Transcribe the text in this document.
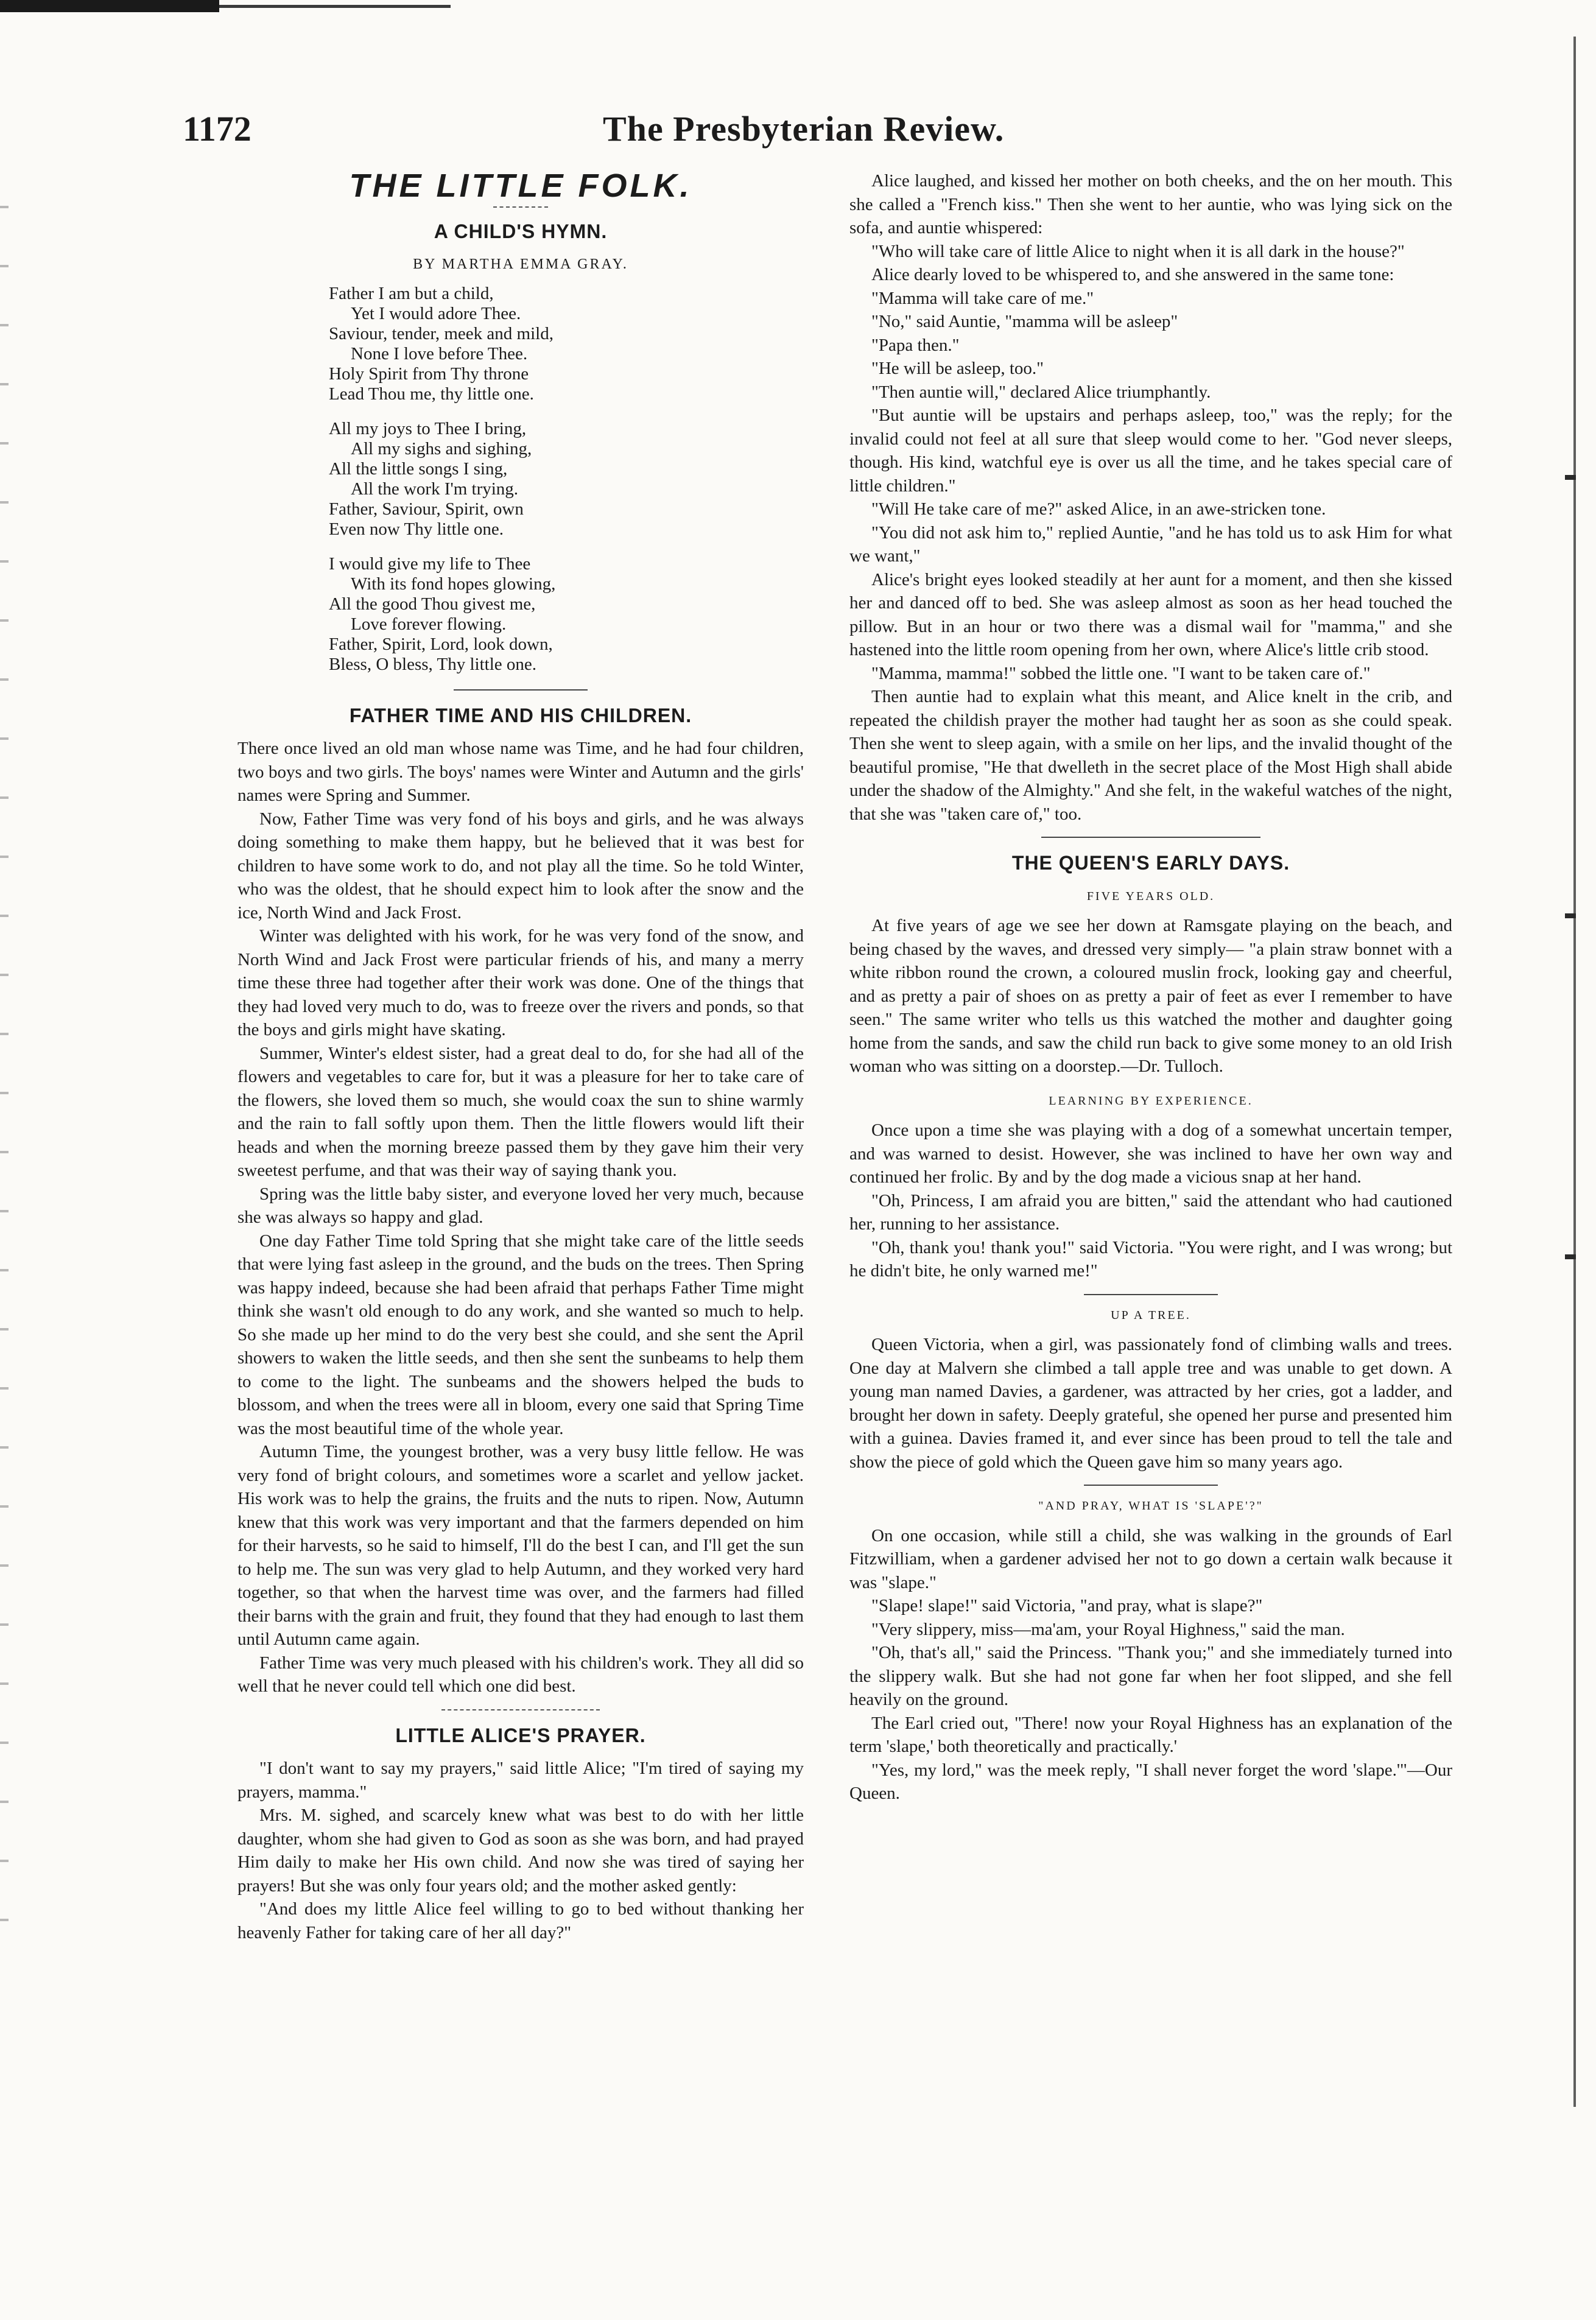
1172	The Presbyterian Review.
THE LITTLE FOLK.
A CHILD'S HYMN.
BY MARTHA EMMA GRAY.
Father I am but a child,
Yet I would adore Thee.
Saviour, tender, meek and mild,
None I love before Thee.
Holy Spirit from Thy throne
Lead Thou me, thy little one.
All my joys to Thee I bring,
All my sighs and sighing,
All the little songs I sing,
All the work I'm trying.
Father, Saviour, Spirit, own
Even now Thy little one.
I would give my life to Thee
With its fond hopes glowing,
All the good Thou givest me,
Love forever flowing.
Father, Spirit, Lord, look down,
Bless, O bless, Thy little one.
FATHER TIME AND HIS CHILDREN.

There once lived an old man whose name was Time, and he had four children, two boys and two girls. The boys' names were Winter and Autumn and the girls' names were Spring and Summer.

Now, Father Time was very fond of his boys and girls, and he was always doing something to make them happy, but he believed that it was best for children to have some work to do, and not play all the time. So he told Winter, who was the oldest, that he should expect him to look after the snow and the ice, North Wind and Jack Frost.

Winter was delighted with his work, for he was very fond of the snow, and North Wind and Jack Frost were particular friends of his, and many a merry time these three had together after their work was done. One of the things that they had loved very much to do, was to freeze over the rivers and ponds, so that the boys and girls might have skating.

Summer, Winter's eldest sister, had a great deal to do, for she had all of the flowers and vegetables to care for, but it was a pleasure for her to take care of the flowers, she loved them so much, she would coax the sun to shine warmly and the rain to fall softly upon them. Then the little flowers would lift their heads and when the morning breeze passed them by they gave him their very sweetest perfume, and that was their way of saying thank you.

Spring was the little baby sister, and everyone loved her very much, because she was always so happy and glad.

One day Father Time told Spring that she might take care of the little seeds that were lying fast asleep in the ground, and the buds on the trees. Then Spring was happy indeed, because she had been afraid that perhaps Father Time might think she wasn't old enough to do any work, and she wanted so much to help. So she made up her mind to do the very best she could, and she sent the April showers to waken the little seeds, and then she sent the sunbeams to help them to come to the light. The sunbeams and the showers helped the buds to blossom, and when the trees were all in bloom, every one said that Spring Time was the most beautiful time of the whole year.

Autumn Time, the youngest brother, was a very busy little fellow. He was very fond of bright colours, and sometimes wore a scarlet and yellow jacket. His work was to help the grains, the fruits and the nuts to ripen. Now, Autumn knew that this work was very important and that the farmers depended on him for their harvests, so he said to himself, I'll do the best I can, and I'll get the sun to help me. The sun was very glad to help Autumn, and they worked very hard together, so that when the harvest time was over, and the farmers had filled their barns with the grain and fruit, they found that they had enough to last them until Autumn came again.

Father Time was very much pleased with his children's work. They all did so well that he never could tell which one did best.

LITTLE ALICE'S PRAYER.

"I don't want to say my prayers," said little Alice; "I'm tired of saying my prayers, mamma."

Mrs. M. sighed, and scarcely knew what was best to do with her little daughter, whom she had given to God as soon as she was born, and had prayed Him daily to make her His own child. And now she was tired of saying her prayers! But she was only four years old; and the mother asked gently:

"And does my little Alice feel willing to go to bed without thanking her heavenly Father for taking care of her all day?"

Alice laughed, and kissed her mother on both cheeks, and the on her mouth. This she called a "French kiss." Then she went to her auntie, who was lying sick on the sofa, and auntie whispered:

"Who will take care of little Alice to night when it is all dark in the house?"

Alice dearly loved to be whispered to, and she answered in the same tone:

"Mamma will take care of me."

"No," said Auntie, "mamma will be asleep"

"Papa then."

"He will be asleep, too."

"Then auntie will," declared Alice triumphantly.

"But auntie will be upstairs and perhaps asleep, too," was the reply; for the invalid could not feel at all sure that sleep would come to her. "God never sleeps, though. His kind, watchful eye is over us all the time, and he takes special care of little children."

"Will He take care of me?" asked Alice, in an awe-stricken tone.

"You did not ask him to," replied Auntie, "and he has told us to ask Him for what we want,"

Alice's bright eyes looked steadily at her aunt for a moment, and then she kissed her and danced off to bed. She was asleep almost as soon as her head touched the pillow. But in an hour or two there was a dismal wail for "mamma," and she hastened into the little room opening from her own, where Alice's little crib stood.

"Mamma, mamma!" sobbed the little one. "I want to be taken care of."

Then auntie had to explain what this meant, and Alice knelt in the crib, and repeated the childish prayer the mother had taught her as soon as she could speak. Then she went to sleep again, with a smile on her lips, and the invalid thought of the beautiful promise, "He that dwelleth in the secret place of the Most High shall abide under the shadow of the Almighty." And she felt, in the wakeful watches of the night, that she was "taken care of," too.

THE QUEEN'S EARLY DAYS.
FIVE YEARS OLD.

At five years of age we see her down at Ramsgate playing on the beach, and being chased by the waves, and dressed very simply— "a plain straw bonnet with a white ribbon round the crown, a coloured muslin frock, looking gay and cheerful, and as pretty a pair of shoes on as pretty a pair of feet as ever I remember to have seen." The same writer who tells us this watched the mother and daughter going home from the sands, and saw the child run back to give some money to an old Irish woman who was sitting on a doorstep.—Dr. Tulloch.

LEARNING BY EXPERIENCE.

Once upon a time she was playing with a dog of a somewhat uncertain temper, and was warned to desist. However, she was inclined to have her own way and continued her frolic. By and by the dog made a vicious snap at her hand.

"Oh, Princess, I am afraid you are bitten," said the attendant who had cautioned her, running to her assistance.

"Oh, thank you! thank you!" said Victoria. "You were right, and I was wrong; but he didn't bite, he only warned me!"

UP A TREE.

Queen Victoria, when a girl, was passionately fond of climbing walls and trees. One day at Malvern she climbed a tall apple tree and was unable to get down. A young man named Davies, a gardener, was attracted by her cries, got a ladder, and brought her down in safety. Deeply grateful, she opened her purse and presented him with a guinea. Davies framed it, and ever since has been proud to tell the tale and show the piece of gold which the Queen gave him so many years ago.

"AND PRAY, WHAT IS 'SLAPE'?"

On one occasion, while still a child, she was walking in the grounds of Earl Fitzwilliam, when a gardener advised her not to go down a certain walk because it was "slape."

"Slape! slape!" said Victoria, "and pray, what is slape?"

"Very slippery, miss—ma'am, your Royal Highness," said the man.

"Oh, that's all," said the Princess. "Thank you;" and she immediately turned into the slippery walk. But she had not gone far when her foot slipped, and she fell heavily on the ground.

The Earl cried out, "There! now your Royal Highness has an explanation of the term 'slape,' both theoretically and practically.'

"Yes, my lord," was the meek reply, "I shall never forget the word 'slape.'"—Our Queen.
